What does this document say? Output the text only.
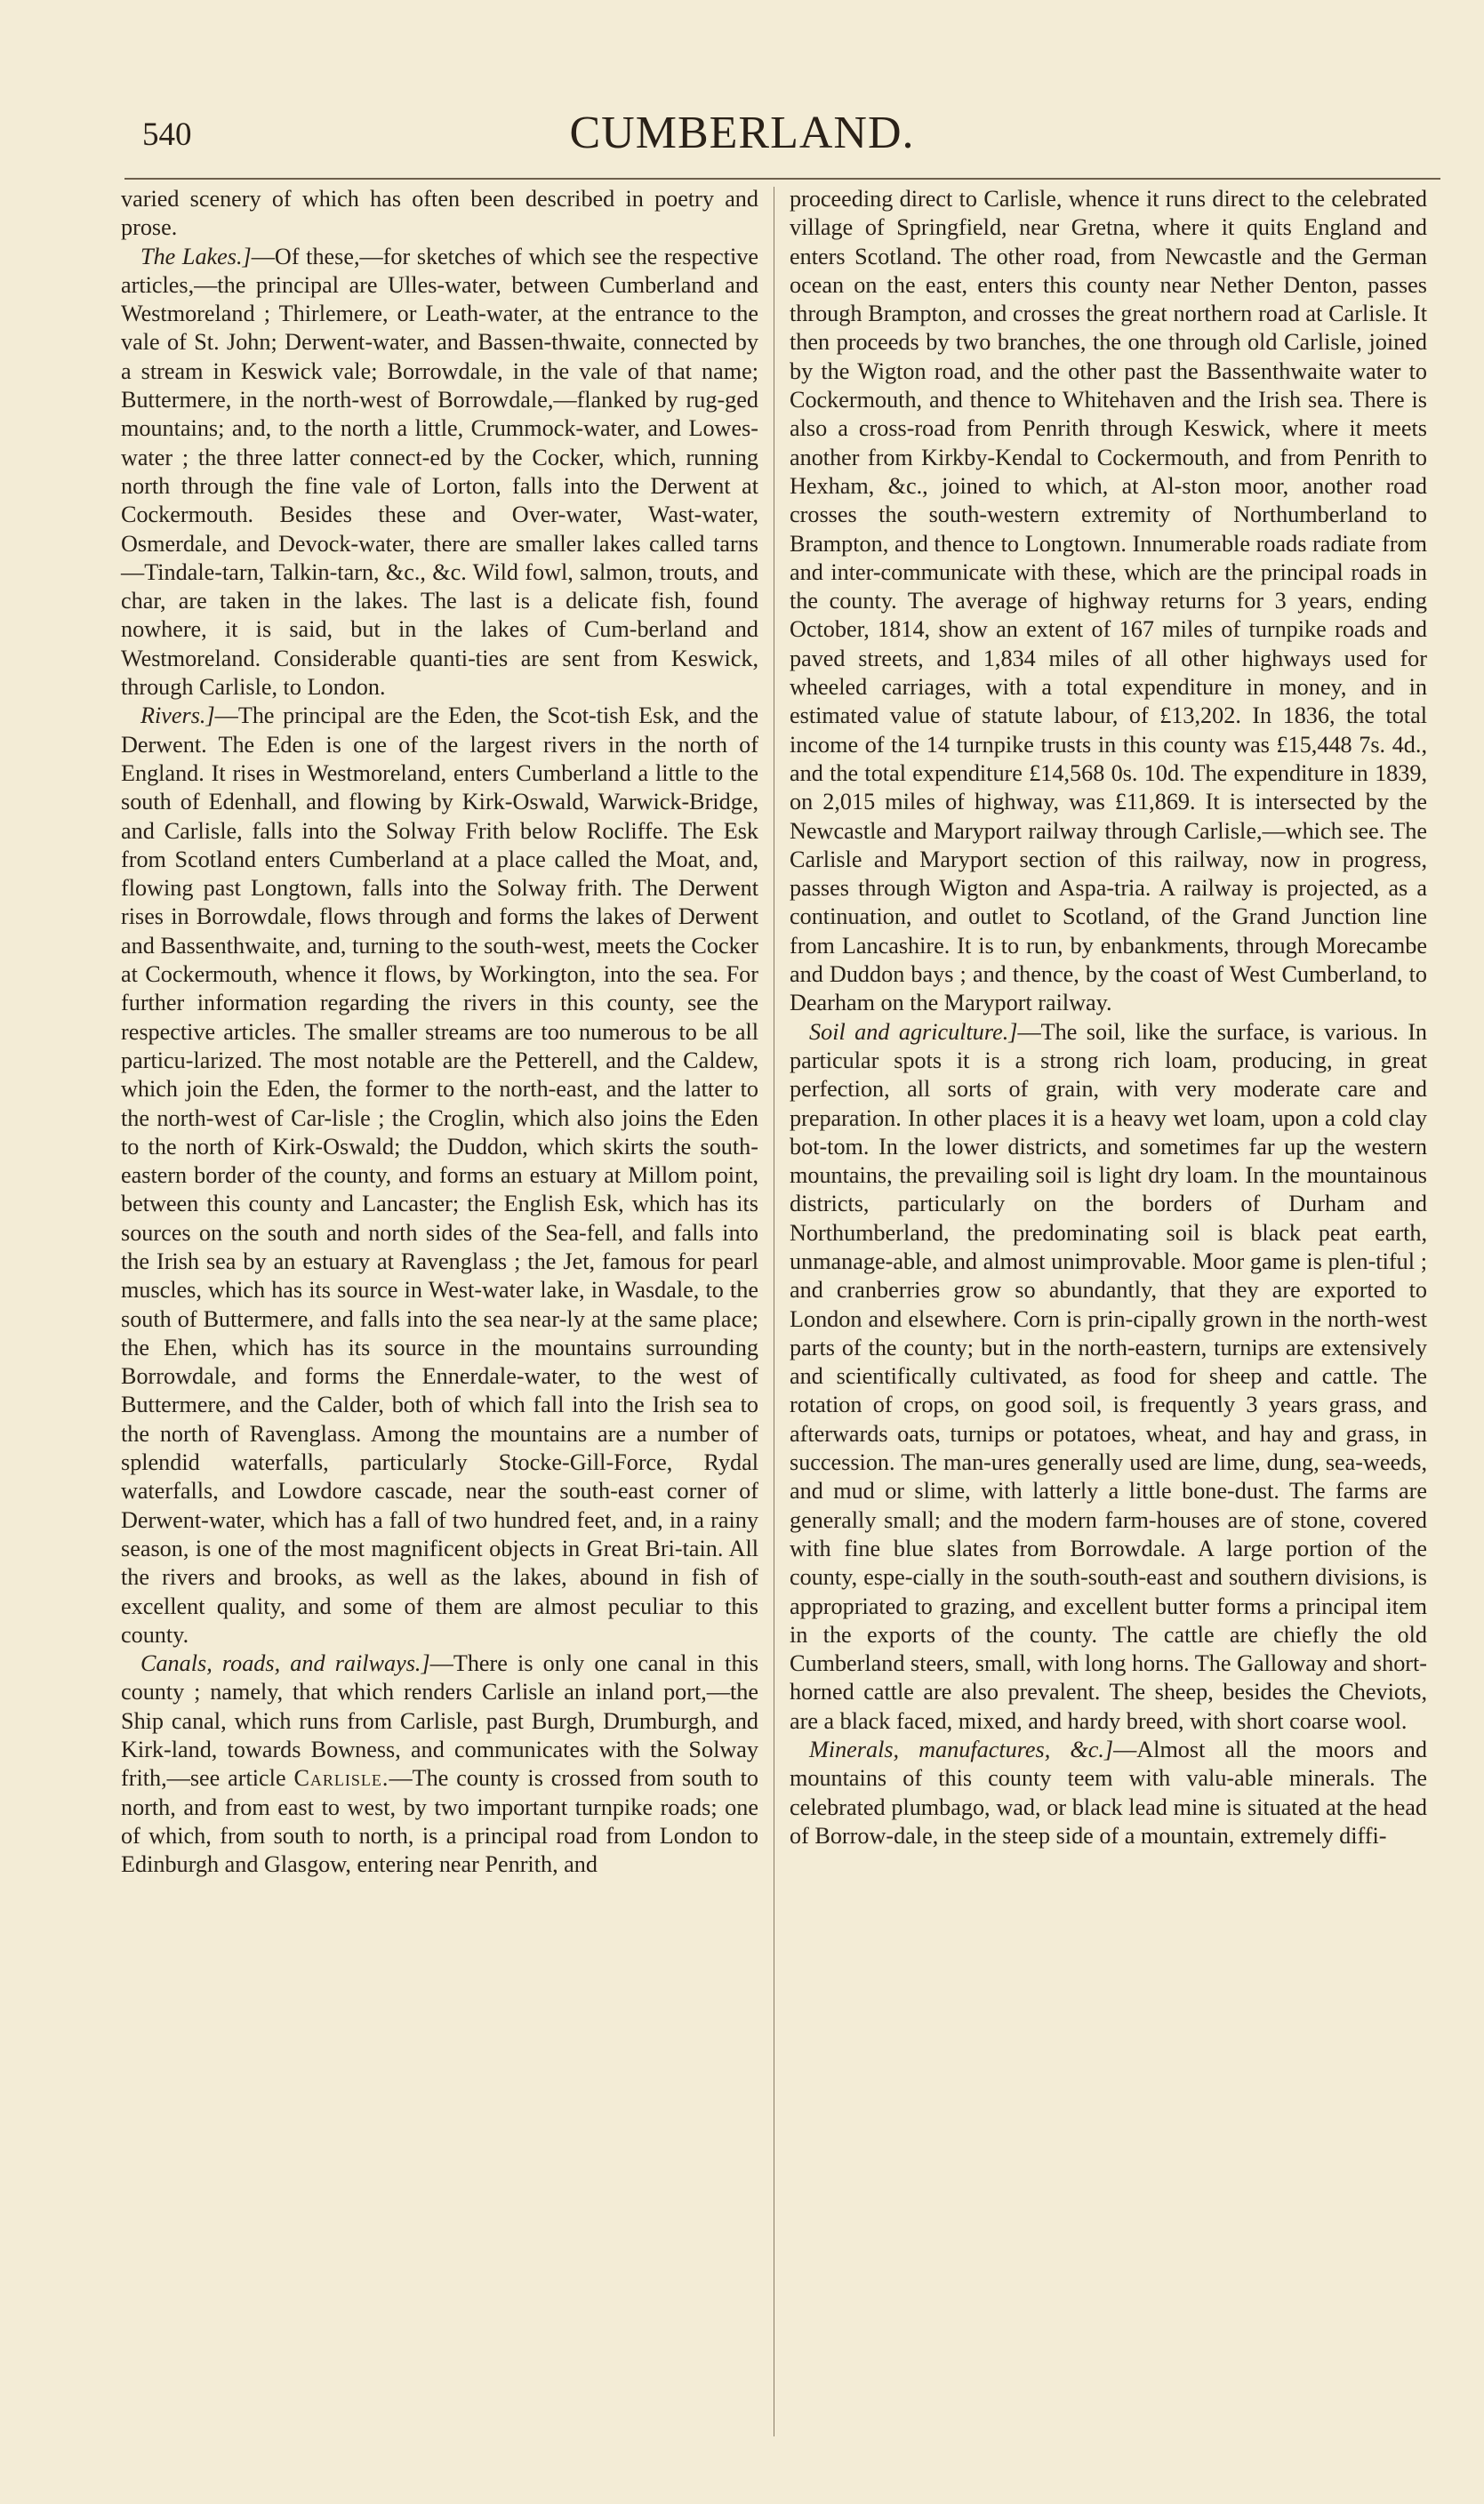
540	CUMBERLAND.

varied scenery of which has often been described in poetry and prose.

The Lakes.]—Of these,—for sketches of which see the respective articles,—the principal are Ulles-water, between Cumberland and Westmoreland ; Thirlemere, or Leath-water, at the entrance to the vale of St. John; Derwent-water, and Bassen-thwaite, connected by a stream in Keswick vale; Borrowdale, in the vale of that name; Buttermere, in the north-west of Borrowdale,—flanked by rug-ged mountains; and, to the north a little, Crummock-water, and Lowes-water ; the three latter connect-ed by the Cocker, which, running north through the fine vale of Lorton, falls into the Derwent at Cockermouth. Besides these and Over-water, Wast-water, Osmerdale, and Devock-water, there are smaller lakes called tarns—Tindale-tarn, Talkin-tarn, &c., &c. Wild fowl, salmon, trouts, and char, are taken in the lakes. The last is a delicate fish, found nowhere, it is said, but in the lakes of Cum-berland and Westmoreland. Considerable quanti-ties are sent from Keswick, through Carlisle, to London.

Rivers.]—The principal are the Eden, the Scot-tish Esk, and the Derwent. The Eden is one of the largest rivers in the north of England. It rises in Westmoreland, enters Cumberland a little to the south of Edenhall, and flowing by Kirk-Oswald, Warwick-Bridge, and Carlisle, falls into the Solway Frith below Rocliffe. The Esk from Scotland enters Cumberland at a place called the Moat, and, flowing past Longtown, falls into the Solway frith. The Derwent rises in Borrowdale, flows through and forms the lakes of Derwent and Bassenthwaite, and, turning to the south-west, meets the Cocker at Cockermouth, whence it flows, by Workington, into the sea. For further information regarding the rivers in this county, see the respective articles. The smaller streams are too numerous to be all particu-larized. The most notable are the Petterell, and the Caldew, which join the Eden, the former to the north-east, and the latter to the north-west of Car-lisle ; the Croglin, which also joins the Eden to the north of Kirk-Oswald; the Duddon, which skirts the south-eastern border of the county, and forms an estuary at Millom point, between this county and Lancaster; the English Esk, which has its sources on the south and north sides of the Sea-fell, and falls into the Irish sea by an estuary at Ravenglass ; the Jet, famous for pearl muscles, which has its source in West-water lake, in Wasdale, to the south of Buttermere, and falls into the sea near-ly at the same place; the Ehen, which has its source in the mountains surrounding Borrowdale, and forms the Ennerdale-water, to the west of Buttermere, and the Calder, both of which fall into the Irish sea to the north of Ravenglass. Among the mountains are a number of splendid waterfalls, particularly Stocke-Gill-Force, Rydal waterfalls, and Lowdore cascade, near the south-east corner of Derwent-water, which has a fall of two hundred feet, and, in a rainy season, is one of the most magnificent objects in Great Bri-tain. All the rivers and brooks, as well as the lakes, abound in fish of excellent quality, and some of them are almost peculiar to this county.

Canals, roads, and railways.]—There is only one canal in this county ; namely, that which renders Carlisle an inland port,—the Ship canal, which runs from Carlisle, past Burgh, Drumburgh, and Kirk-land, towards Bowness, and communicates with the Solway frith,—see article Carlisle.—The county is crossed from south to north, and from east to west, by two important turnpike roads; one of which, from south to north, is a principal road from London to Edinburgh and Glasgow, entering near Penrith, and

proceeding direct to Carlisle, whence it runs direct to the celebrated village of Springfield, near Gretna, where it quits England and enters Scotland. The other road, from Newcastle and the German ocean on the east, enters this county near Nether Denton, passes through Brampton, and crosses the great northern road at Carlisle. It then proceeds by two branches, the one through old Carlisle, joined by the Wigton road, and the other past the Bassenthwaite water to Cockermouth, and thence to Whitehaven and the Irish sea. There is also a cross-road from Penrith through Keswick, where it meets another from Kirkby-Kendal to Cockermouth, and from Penrith to Hexham, &c., joined to which, at Al-ston moor, another road crosses the south-western extremity of Northumberland to Brampton, and thence to Longtown. Innumerable roads radiate from and inter-communicate with these, which are the principal roads in the county. The average of highway returns for 3 years, ending October, 1814, show an extent of 167 miles of turnpike roads and paved streets, and 1,834 miles of all other highways used for wheeled carriages, with a total expenditure in money, and in estimated value of statute labour, of £13,202. In 1836, the total income of the 14 turnpike trusts in this county was £15,448 7s. 4d., and the total expenditure £14,568 0s. 10d. The expenditure in 1839, on 2,015 miles of highway, was £11,869. It is intersected by the Newcastle and Maryport railway through Carlisle,—which see. The Carlisle and Maryport section of this railway, now in progress, passes through Wigton and Aspa-tria. A railway is projected, as a continuation, and outlet to Scotland, of the Grand Junction line from Lancashire. It is to run, by enbankments, through Morecambe and Duddon bays ; and thence, by the coast of West Cumberland, to Dearham on the Maryport railway.

Soil and agriculture.]—The soil, like the surface, is various. In particular spots it is a strong rich loam, producing, in great perfection, all sorts of grain, with very moderate care and preparation. In other places it is a heavy wet loam, upon a cold clay bot-tom. In the lower districts, and sometimes far up the western mountains, the prevailing soil is light dry loam. In the mountainous districts, particularly on the borders of Durham and Northumberland, the predominating soil is black peat earth, unmanage-able, and almost unimprovable. Moor game is plen-tiful ; and cranberries grow so abundantly, that they are exported to London and elsewhere. Corn is prin-cipally grown in the north-west parts of the county; but in the north-eastern, turnips are extensively and scientifically cultivated, as food for sheep and cattle. The rotation of crops, on good soil, is frequently 3 years grass, and afterwards oats, turnips or potatoes, wheat, and hay and grass, in succession. The man-ures generally used are lime, dung, sea-weeds, and mud or slime, with latterly a little bone-dust. The farms are generally small; and the modern farm-houses are of stone, covered with fine blue slates from Borrowdale. A large portion of the county, espe-cially in the south-south-east and southern divisions, is appropriated to grazing, and excellent butter forms a principal item in the exports of the county. The cattle are chiefly the old Cumberland steers, small, with long horns. The Galloway and short-horned cattle are also prevalent. The sheep, besides the Cheviots, are a black faced, mixed, and hardy breed, with short coarse wool.

Minerals, manufactures, &c.]—Almost all the moors and mountains of this county teem with valu-able minerals. The celebrated plumbago, wad, or black lead mine is situated at the head of Borrow-dale, in the steep side of a mountain, extremely diffi-
